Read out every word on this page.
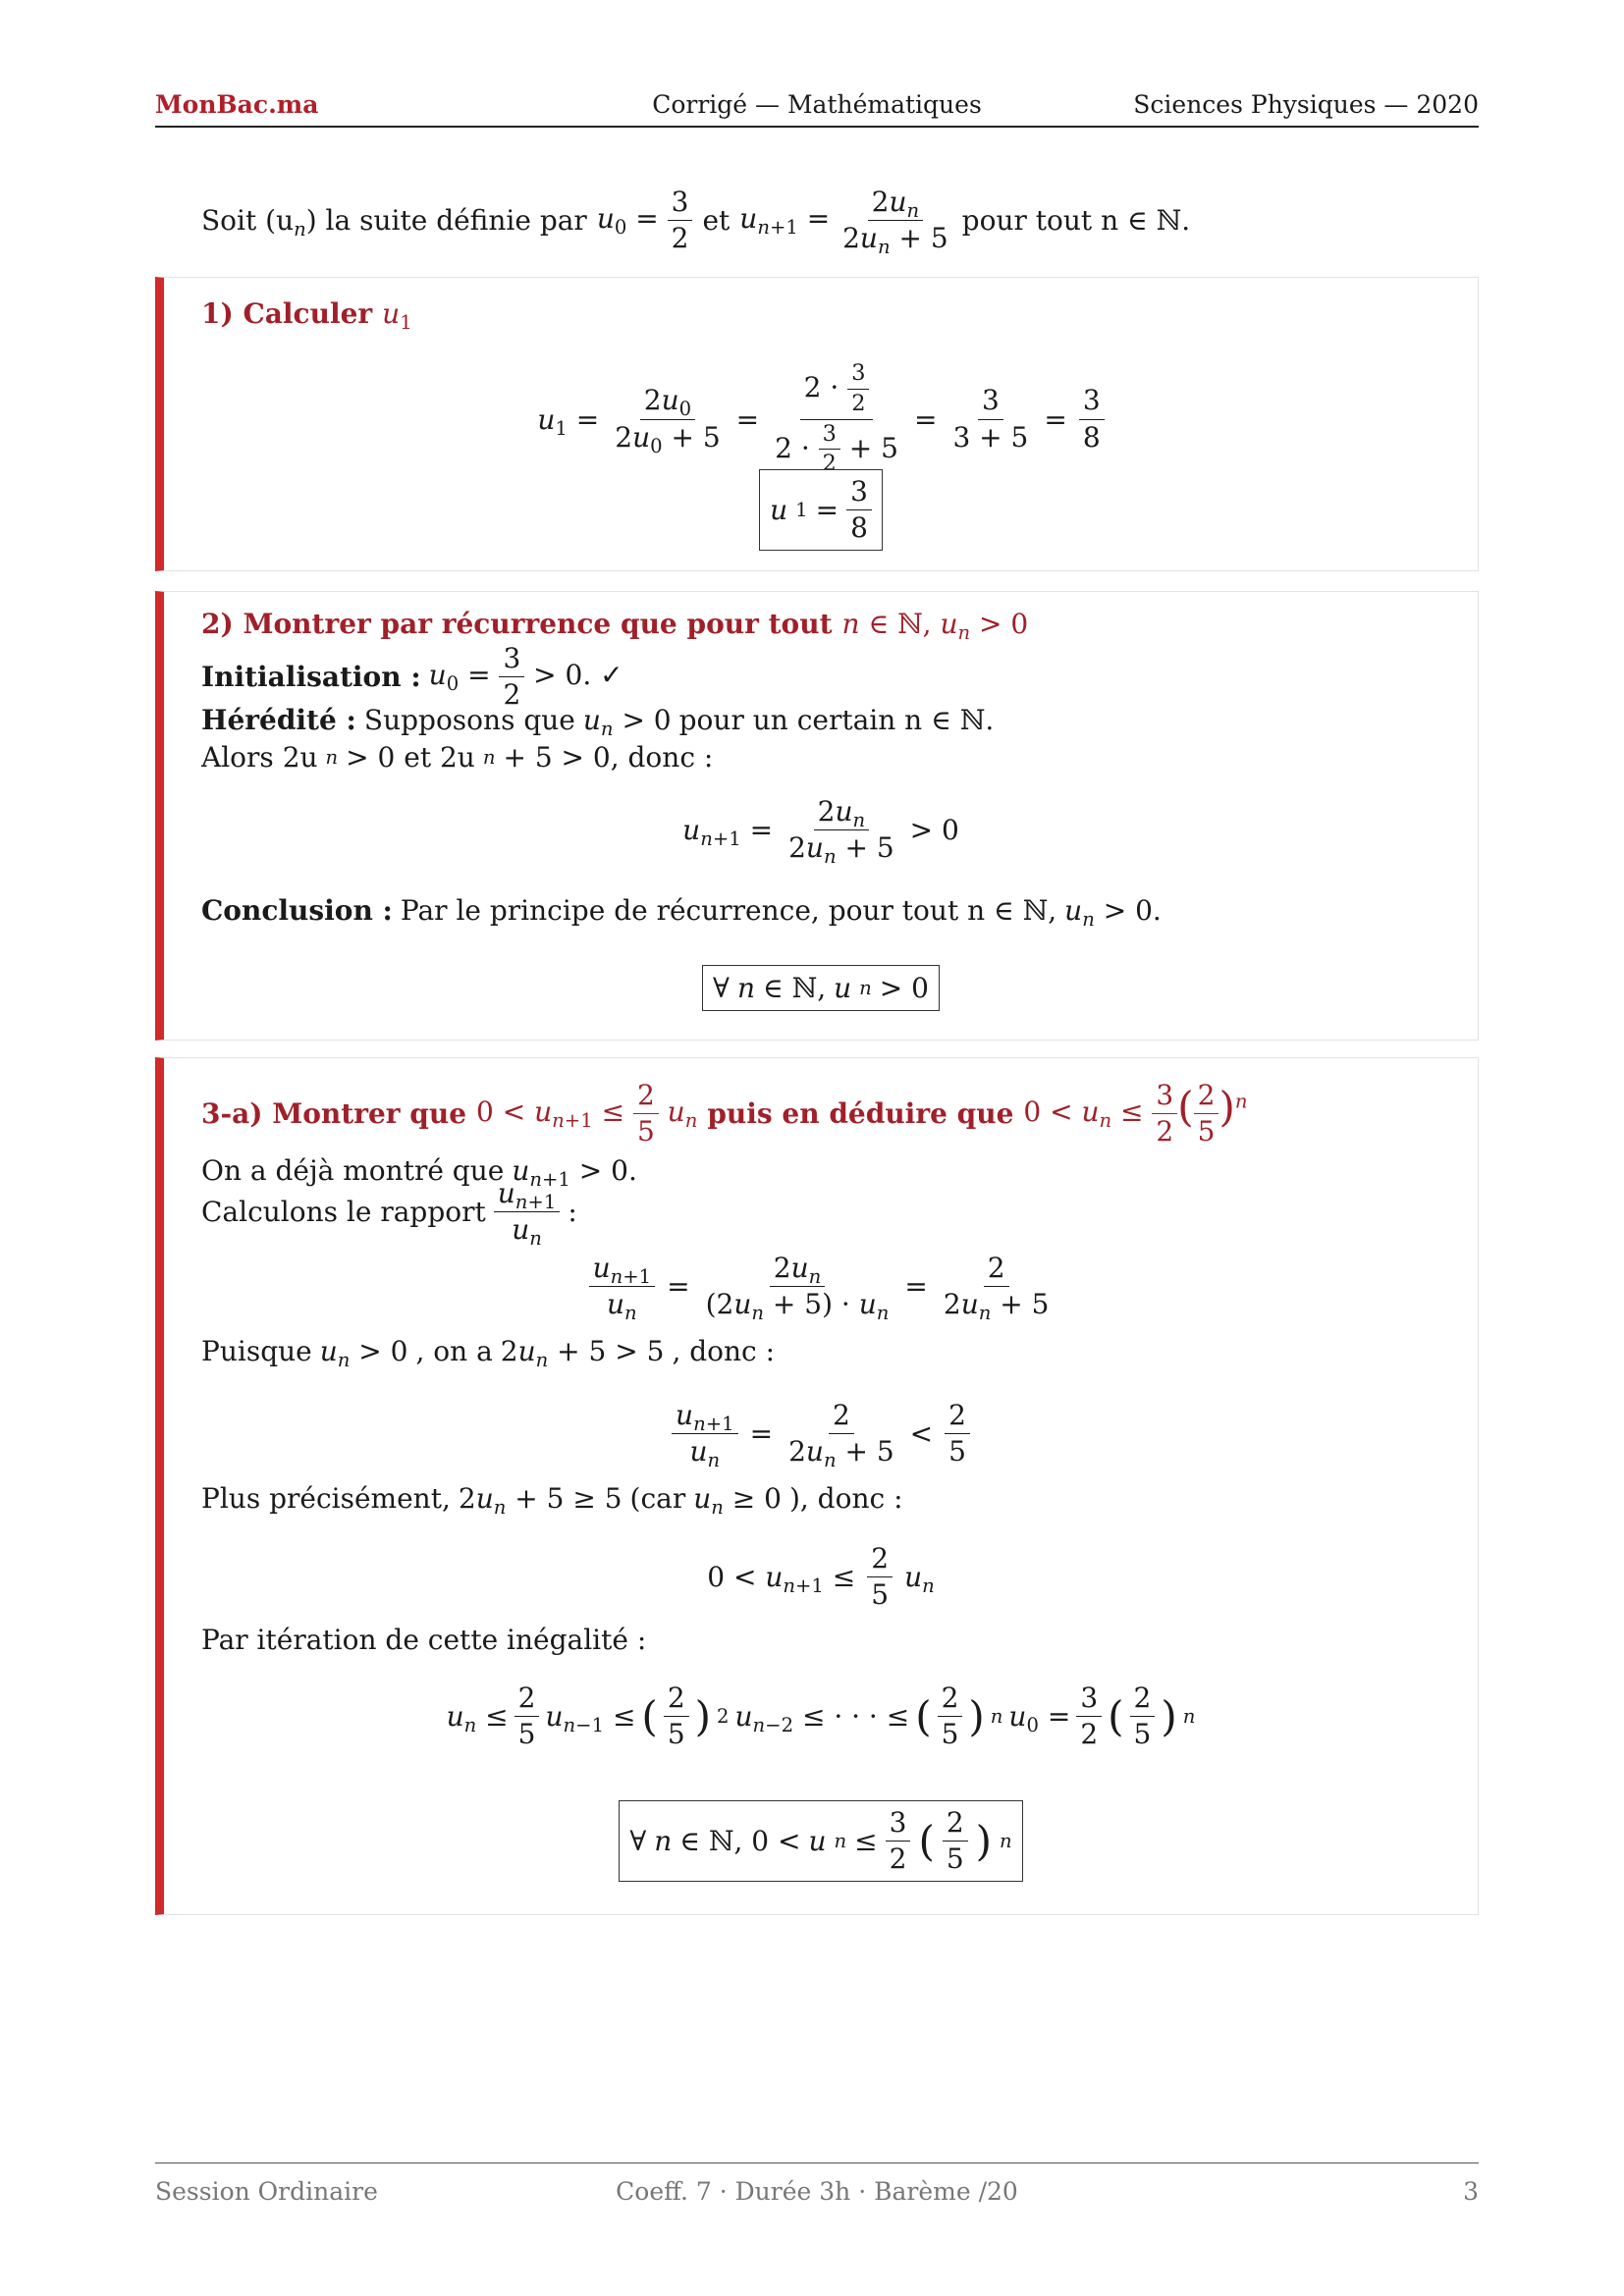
MonBac.ma	Corrigé — Mathématiques	Sciences Physiques — 2020
Soit $(u_n)$ la suite définie par $u_0 = \frac{3}{2}$ et $u_{n+1} = \frac{2u_n}{2u_n + 5}$ pour tout n ∈ ℕ.
1) Calculer $u_1$
$u_1 = \frac{2u_0}{2u_0 + 5} = \frac{2 \cdot \frac{3}{2}}{2 \cdot \frac{3}{2} + 5} = \frac{3}{3 + 5} = \frac{3}{8}$
u $1 = \frac{3}{8}$
2) Montrer par récurrence que pour tout n ∈ ℕ, $u_n > 0$
Initialisation : $u_0 = \frac{3}{2} > 0$. ✓
Hérédité : Supposons que $u_n > 0$ pour un certain n ∈ ℕ.
Alors 2u n > 0 et 2u n + 5 > 0, donc :
$u_{n+1} = \frac{2u_n}{2u_n + 5} > 0$
Conclusion : Par le principe de récurrence, pour tout n ∈ ℕ, $u_n > 0$.
∀ n ∈ ℕ, u n > 0
3-a) Montrer que $0 < u_{n+1} \le \frac{2}{5} u_n$ puis en déduire que $0 < u_n \le \frac{3}{2}$ ( $\frac{2}{5} )^n$
On a déjà montré que $u_{n+1} > 0$.
Calculons le rapport $\frac{u_{n+1}}{u_n}$ :
$\frac{u_{n+1}}{u_n} = \frac{2u_n}{(2u_n + 5) \cdot u_n} = \frac{2}{2u_n + 5}$
Puisque $u_n > 0$ , on a $2u_n + 5 > 5$ , donc :
$\frac{u_{n+1}}{u_n} = \frac{2}{2u_n + 5} < \frac{2}{5}$
Plus précisément, $2u_n + 5 \ge 5$ (car $u_n \ge 0$ ), donc :
$0 < u_{n+1} \le \frac{2}{5} u_n$
Par itération de cette inégalité :
$u_n \le \frac{2}{5} u_{n-1}$ ≤ ( $\frac{2}{5}$ ) 2 $u_{n-2}$ ≤ · · · ≤ ( $\frac{2}{5}$ ) n $u_0 = \frac{3}{2}$ ( $\frac{2}{5}$ ) n
∀ n ∈ ℕ, 0 < u $n \le \frac{3}{2}$ ( $\frac{2}{5}$ ) n
Session Ordinaire	Coeff. 7 · Durée 3h · Barème /20	3
